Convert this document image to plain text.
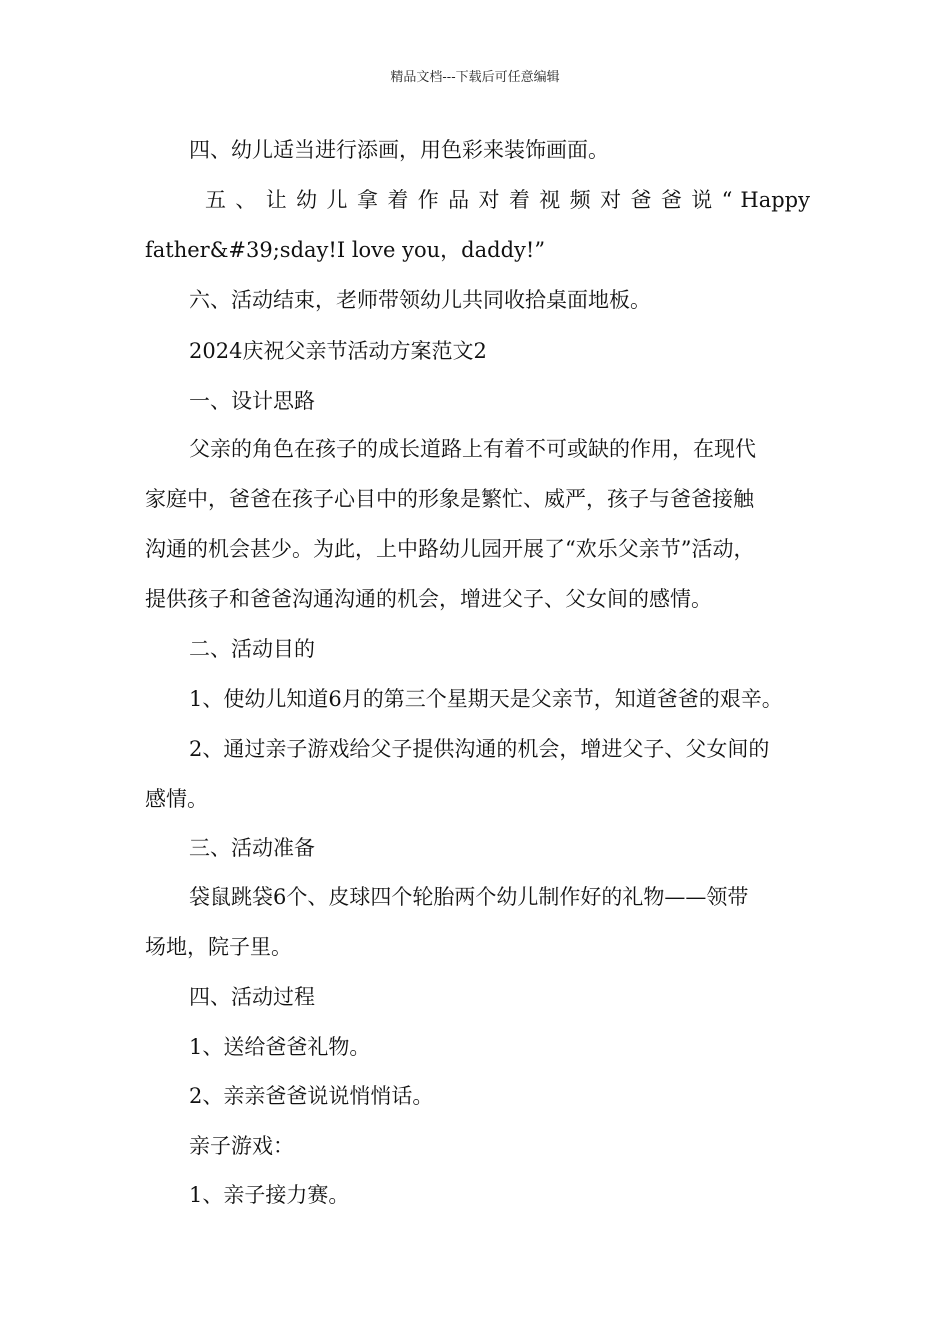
精品文档---下载后可任意编辑
四、幼儿适当进行添画，用色彩来装饰画面。
五 、 让 幼 儿 拿 着 作 品 对 着 视 频 对 爸 爸 说 “ Happy
father&#39;sday!I love you，daddy!”
六、活动结束，老师带领幼儿共同收拾桌面地板。
2024庆祝父亲节活动方案范文2
一、设计思路
父亲的角色在孩子的成长道路上有着不可或缺的作用，在现代
家庭中，爸爸在孩子心目中的形象是繁忙、威严，孩子与爸爸接触
沟通的机会甚少。为此，上中路幼儿园开展了“欢乐父亲节”活动，
提供孩子和爸爸沟通沟通的机会，增进父子、父女间的感情。
二、活动目的
1、使幼儿知道6月的第三个星期天是父亲节，知道爸爸的艰辛。
2、通过亲子游戏给父子提供沟通的机会，增进父子、父女间的
感情。
三、活动准备
袋鼠跳袋6个、皮球四个轮胎两个幼儿制作好的礼物——领带
场地，院子里。
四、活动过程
1、送给爸爸礼物。
2、亲亲爸爸说说悄悄话。
亲子游戏：
1、亲子接力赛。
